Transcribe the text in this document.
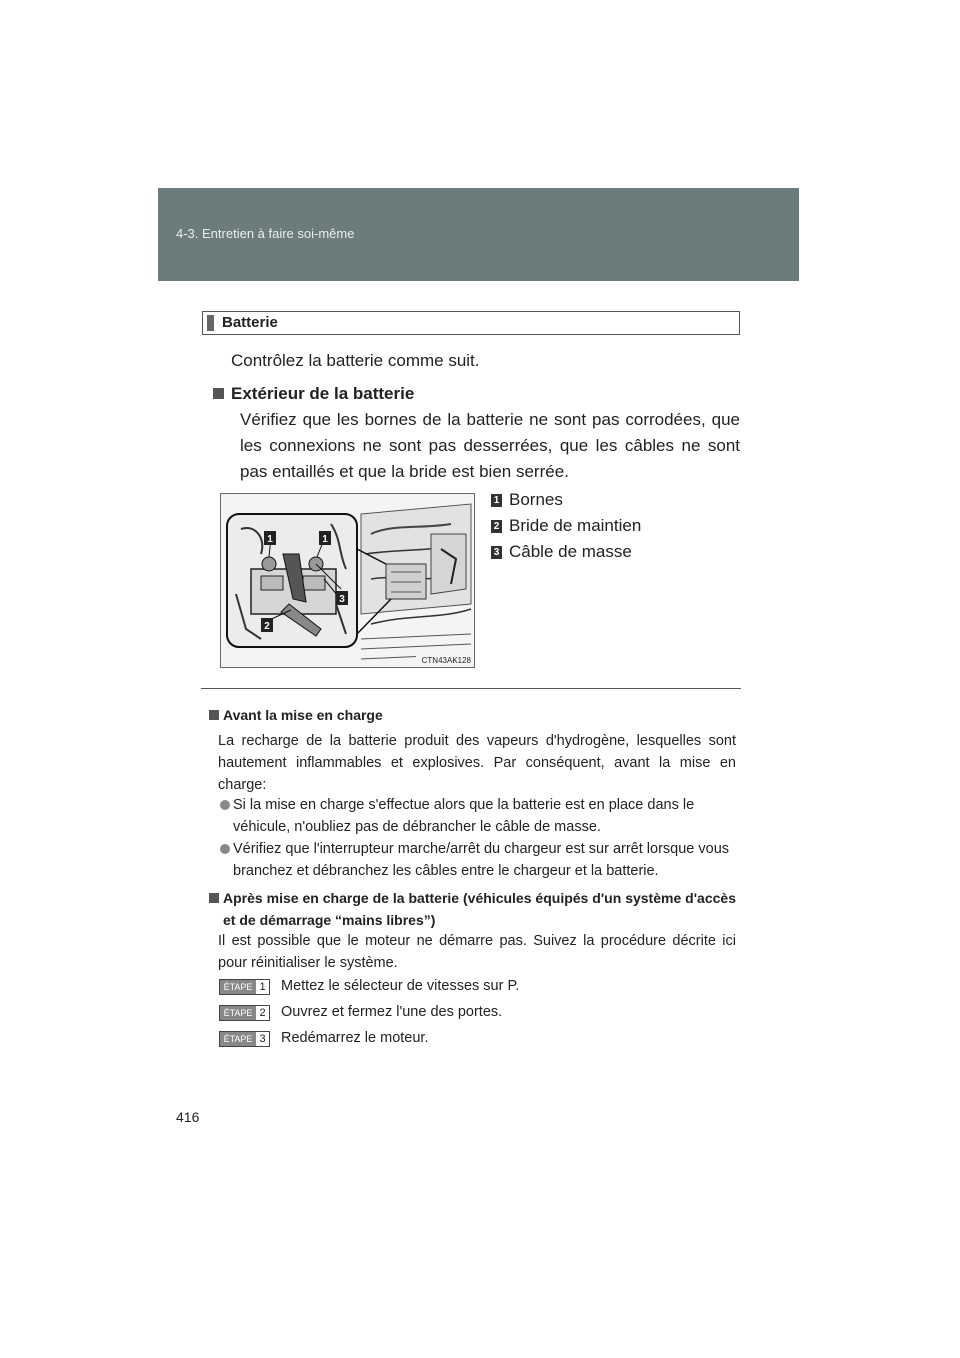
4-3. Entretien à faire soi-même
Batterie
Contrôlez la batterie comme suit.
Extérieur de la batterie
Vérifiez que les bornes de la batterie ne sont pas corrodées, que les connexions ne sont pas desserrées, que les câbles ne sont pas entaillés et que la bride est bien serrée.
1	1
2
3
CTN43AK128
1 Bornes
2 Bride de maintien
3 Câble de masse
Avant la mise en charge
La recharge de la batterie produit des vapeurs d'hydrogène, lesquelles sont hautement inflammables et explosives. Par conséquent, avant la mise en charge:
Si la mise en charge s'effectue alors que la batterie est en place dans le véhicule, n'oubliez pas de débrancher le câble de masse.
Vérifiez que l'interrupteur marche/arrêt du chargeur est sur arrêt lorsque vous branchez et débranchez les câbles entre le chargeur et la batterie.
Après mise en charge de la batterie (véhicules équipés d'un système d'accès et de démarrage “mains libres”)
Il est possible que le moteur ne démarre pas. Suivez la procédure décrite ici pour réinitialiser le système.
ÉTAPE 1 Mettez le sélecteur de vitesses sur P.
ÉTAPE 2 Ouvrez et fermez l'une des portes.
ÉTAPE 3 Redémarrez le moteur.
416
